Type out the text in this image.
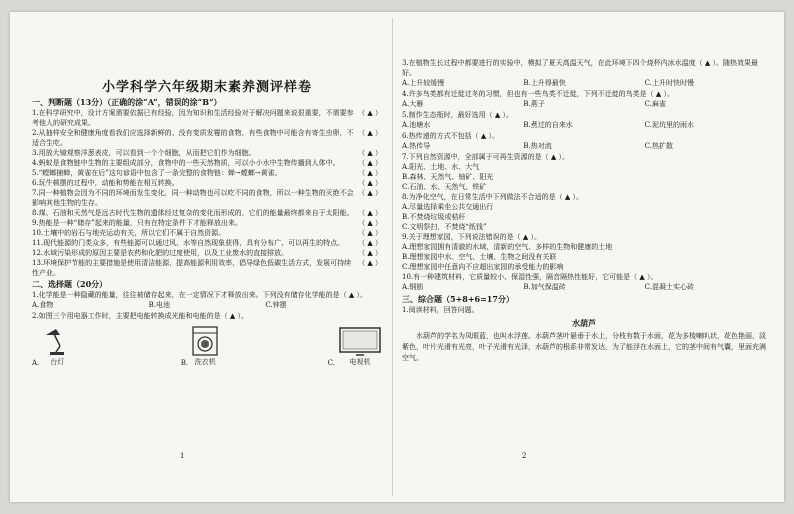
小学科学六年级期末素养测评样卷
一、判断题（13分）（正确的涂“A”，错误的涂“B”）

（ ▲ ）
1.在科学研究中，设计方案需要依据已有经验，因为知识和生活经验对于解决问题来说很重要，不需要参考他人的研究成果。

（ ▲ ）
2.从抽样安全和健康角度看我们应选择新鲜的、没有变质发霉的食物，有些食物中可能含有寄生虫卵，不适合生吃。

（ ▲ ）
3.用放大镜观察洋葱表皮，可以看到一个个细胞，从而把它们作为细胞。

（ ▲ ）
4.蚂蚁是食物链中生物的主要组成部分，食物中的一些天然物质，可以小小水中生物传播到人体中。

（ ▲ ）
5.“螳螂捕蝉，黄雀在后”这句谚语中包含了一条完整的食物链：蝉→螳螂→黄雀。

（ ▲ ）
6.玩牛顿摆的过程中，动能和势能在相互转换。

（ ▲ ）
7.同一种植物会因为不同的环境而发生变化，同一种动物也可以吃不同的食物，所以一种生物的灭绝不会影响其他生物的生存。

（ ▲ ）
8.煤、石油和天然气是远古时代生物的遗体经过复杂的变化而形成的，它们的能量最终都来自于太阳能。

（ ▲ ）
9.热能是一种“储存”起来的能量，只有在特定条件下才能释放出来。

（ ▲ ）
10.土壤中的岩石与地壳运动有关，所以它们不属于自然资源。

（ ▲ ）
11.现代能源的门类众多，有些能源可以通过风、水等自然现象获得，具有分布广、可以再生的特点。

（ ▲ ）
12.水域污染形成的原因主要是农药和化肥的过度使用，以及工业废水的直接排放。

（ ▲ ）
13.环境保护节能的主要措施是使用清洁能源，提高能源利用效率，倡导绿色低碳生活方式，发展可持续性产业。

二、选择题（20分）

1.化学能是一种隐藏的能量，往往被储存起来，在一定情况下才释放出来。下列没有储存化学能的是（ ▲ ）。

A.食物	B.电池	C.钟摆

2.如图三个用电器工作时，主要把电能转换成光能和电能的是（ ▲ ）。

A. 台灯	B. 洗衣机	C. 电视机
1

3.在植物生长过程中都要进行的实验中，模拟了夏天高温天气，在此环境下四个烧杯内冰水温度（ ▲ ）。随热效果最好。

A.上升较缓慢	B.上升得最快	C.上升时快时慢

4.许多鸟类都有迁徙过冬的习惯，但也有一些鸟类不迁徙，下列不迁徙的鸟类是（ ▲ ）。

A.大雁	B.燕子	C.麻雀

5.制作生态瓶时，最好选用（ ▲ ）。

A.池塘水	B.煮过的自来水	C.泥坑里的雨水

6.热传递的方式不包括（ ▲ ）。

A.热传导	B.热对流	C.热扩散

7.下列自然资源中，全部属于可再生资源的是（ ▲ ）。

A.阳光、土地、水、大气
B.森林、天然气、铀矿、阳光
C.石油、水、天然气、铁矿

8.为净化空气，在日常生活中下列做法不合适的是（ ▲ ）。

A.尽量选择乘坐公共交通出行
B.不焚烧垃圾或秸秆
C.文明祭扫，不焚烧“纸钱”

9.关于理想家园，下列说法错误的是（ ▲ ）。

A.理想家园拥有清澈的水域、清新的空气、多样的生物和健康的土地
B.理想家园中水、空气、土壤、生物之间没有关联
C.理想家园中任意向不应超出家园的承受能力的影响

10.有一种建筑材料，它质量较小、保湿性强，隔音隔热性能好，它可能是（ ▲ ）。

A.钢筋	B.加气保温砖	C.混凝土实心砖
三、综合题（5+8+6=17分）

1.阅读材料，回答问题。

水葫芦

水葫芦的学名为凤眼蓝，也叫水浮莲。水葫芦茎叶悬垂于水上，分枝有数于水面，花为多棱喇叭状，花色艳丽，淡紫色，叶片光滑有光亮，叶子光滑有光泽，水葫芦的根系非常发达，为了能浮在水面上，它的茎中间有气囊，里面充满空气。

2
